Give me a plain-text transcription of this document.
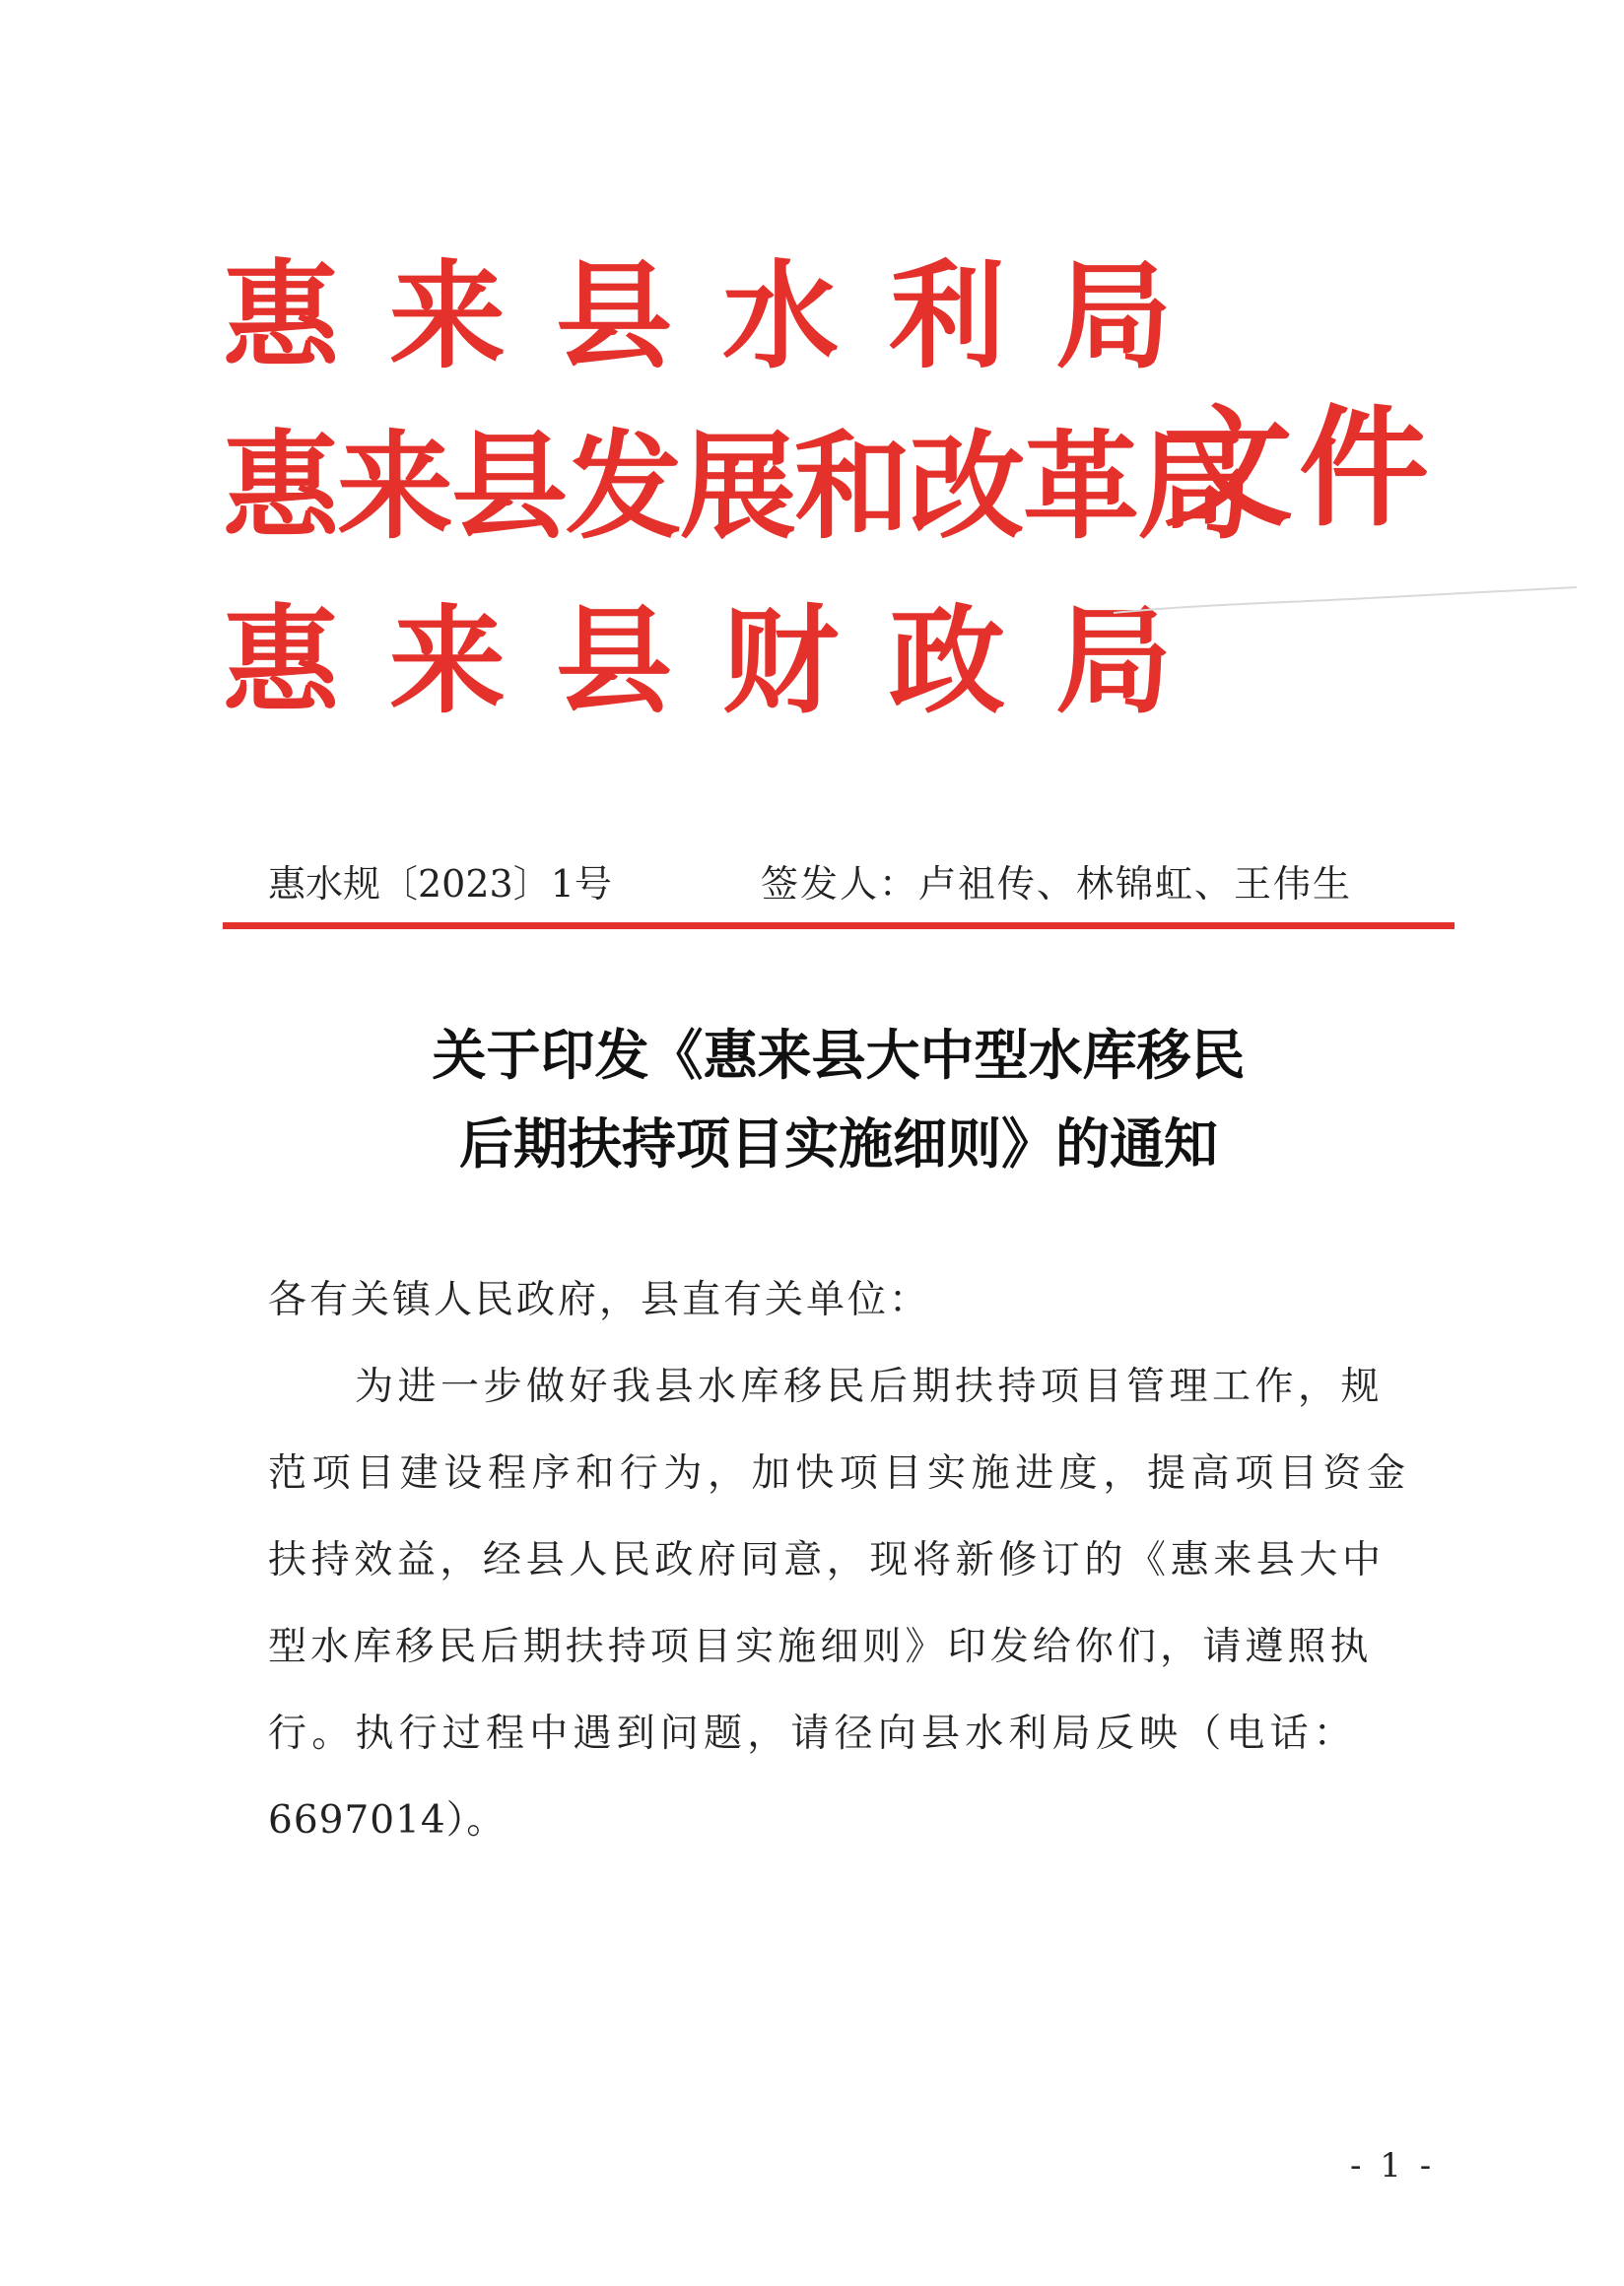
惠来县水利局
惠来县发展和改革局
惠来县财政局
文件
惠水规〔2023〕1号	签发人：卢祖传、林锦虹、王伟生
关于印发《惠来县大中型水库移民
后期扶持项目实施细则》的通知
各有关镇人民政府，县直有关单位：
为进一步做好我县水库移民后期扶持项目管理工作，规
范项目建设程序和行为，加快项目实施进度，提高项目资金
扶持效益，经县人民政府同意，现将新修订的《惠来县大中
型水库移民后期扶持项目实施细则》印发给你们，请遵照执
行。执行过程中遇到问题，请径向县水利局反映（电话：
6697014）。
- 1 -
